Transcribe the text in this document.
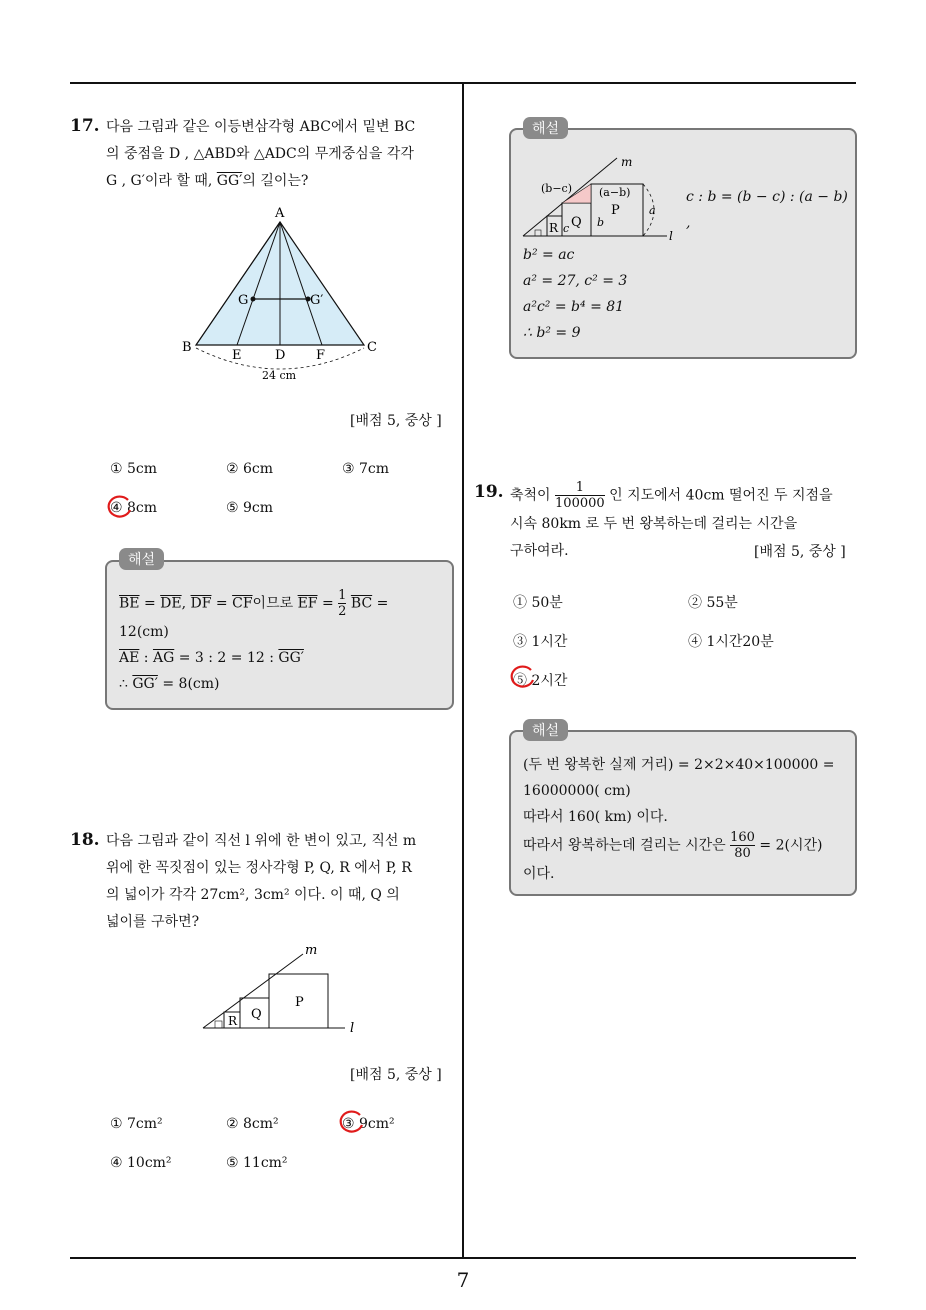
7
17. 다음 그림과 같은 이등변삼각형 ABC에서 밑변 BC
의 중점을 D , △ABD와 △ADC의 무게중심을 각각
G , G′이라 할 때, GG′의 길이는?
A
B	C
E	D F
G	G′
24 cm
[배점 5, 중상 ]
① 5cm	② 6cm	③ 7cm
④ 8cm	⑤ 9cm
$\overline{BE} = \overline{DE}$, $\overline{DF} = \overline{CF}$이므로 $\overline{EF} = \frac{1}{2} \overline{BC}$ =
12(cm)
$\overline{AE}$ : $\overline{AG} = 3$ : 2 = 12 : GG′
∴ GG′ = 8(cm)
해설
18. 다음 그림과 같이 직선 l 위에 한 변이 있고, 직선 m
위에 한 꼭짓점이 있는 정사각형 P, Q, R 에서 P, R
의 넓이가 각각 27cm², 3cm² 이다. 이 때, Q 의
넓이를 구하면?
m
l
P
Q
R
[배점 5, 중상 ]
① 7cm²	② 8cm²	③ 9cm²
④ 10cm²	⑤ 11cm²
m
l
P
Q
R
(b−c) (a−b)
a
b
c
c : b = (b − c) : (a − b) ,
b² = ac
a² = 27, c² = 3
a²c² = b⁴ = 81
∴ b² = 9
해설
19. 축척이 $\frac{1}{100000}$ 인 지도에서 40cm 떨어진 두 지점을
시속 80km 로 두 번 왕복하는데 걸리는 시간을
구하여라.	[배점 5, 중상 ]
① 50분	② 55분
③ 1시간	④ 1시간20분
⑤ 2시간
(두 번 왕복한 실제 거리) = 2×2×40×100000 =
16000000( cm)
따라서 160( km) 이다.
따라서 왕복하는데 걸리는 시간은 $\frac{160}{80} = 2$(시간)
이다.
해설
